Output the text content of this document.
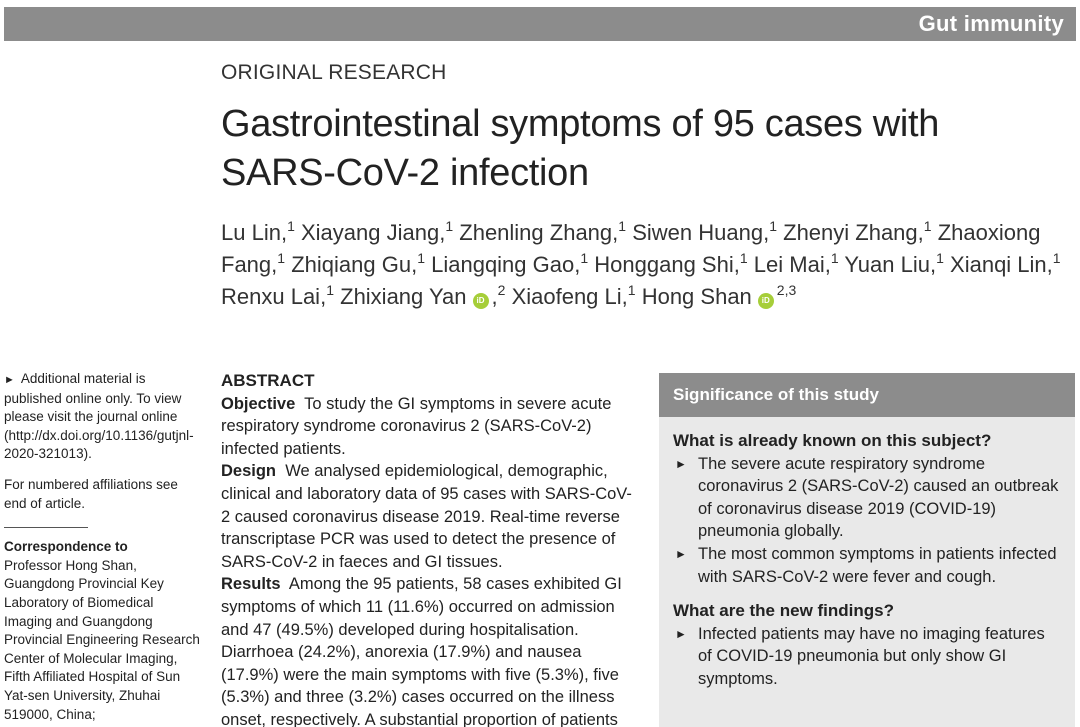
Gut immunity
ORIGINAL RESEARCH
Gastrointestinal symptoms of 95 cases with SARS-CoV-2 infection
Lu Lin,$^1$ Xiayang Jiang,$^1$ Zhenling Zhang,$^1$ Siwen Huang,$^1$ Zhenyi Zhang,$^1$ Zhaoxiong Fang,$^1$ Zhiqiang Gu,$^1$ Liangqing Gao,$^1$ Honggang Shi,$^1$ Lei Mai,$^1$ Yuan Liu,$^1$ Xianqi Lin,$^1$ Renxu Lai,$^1$ Zhixiang Yan iD ,$^2$ Xiaofeng Li,$^1$ Hong Shan iD$^{2,3}$

► Additional material is published online only. To view please visit the journal online (http://dx.doi.org/10.1136/gutjnl-2020-321013).

For numbered affiliations see end of article.

Correspondence to
Professor Hong Shan, Guangdong Provincial Key Laboratory of Biomedical Imaging and Guangdong Provincial Engineering Research Center of Molecular Imaging, Fifth Affiliated Hospital of Sun Yat-sen University, Zhuhai 519000, China;
ABSTRACT
Objective To study the GI symptoms in severe acute respiratory syndrome coronavirus 2 (SARS-CoV-2) infected patients.
Design We analysed epidemiological, demographic, clinical and laboratory data of 95 cases with SARS-CoV-2 caused coronavirus disease 2019. Real-time reverse transcriptase PCR was used to detect the presence of SARS-CoV-2 in faeces and GI tissues.
Results Among the 95 patients, 58 cases exhibited GI symptoms of which 11 (11.6%) occurred on admission and 47 (49.5%) developed during hospitalisation. Diarrhoea (24.2%), anorexia (17.9%) and nausea (17.9%) were the main symptoms with five (5.3%), five (5.3%) and three (3.2%) cases occurred on the illness onset, respectively. A substantial proportion of patients
Significance of this study
What is already known on this subject?
► The severe acute respiratory syndrome coronavirus 2 (SARS-CoV-2) caused an outbreak of coronavirus disease 2019 (COVID-19) pneumonia globally.
► The most common symptoms in patients infected with SARS-CoV-2 were fever and cough.
What are the new findings?
► Infected patients may have no imaging features of COVID-19 pneumonia but only show GI symptoms.
